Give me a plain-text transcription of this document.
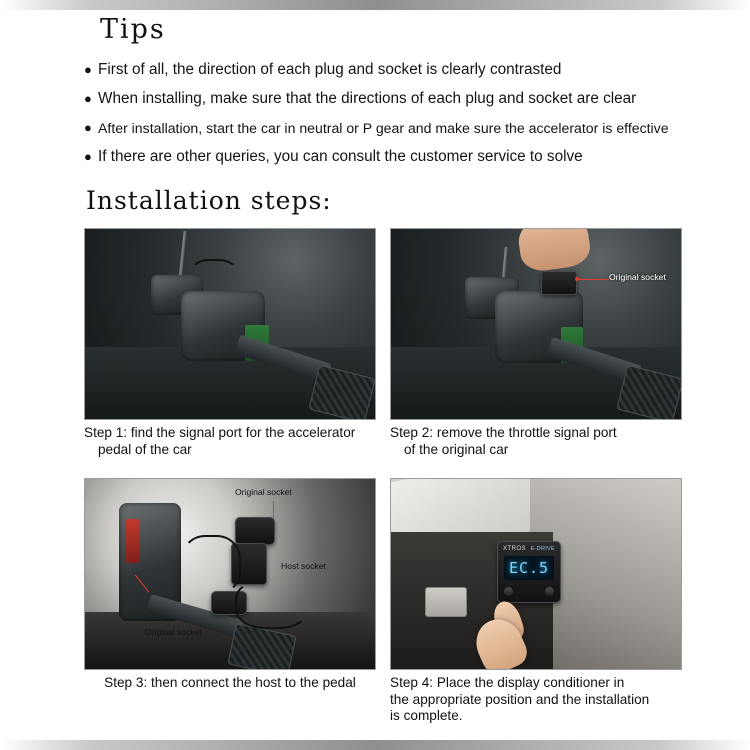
Tips
● First of all, the direction of each plug and socket is clearly contrasted
● When installing, make sure that the directions of each plug and socket are clear
● After installation, start the car in neutral or P gear and make sure the accelerator is effective
● If there are other queries, you can consult the customer service to solve
Installation steps:
Step 1: find the signal port for the accelerator
pedal of the car
Original socket
Step 2: remove the throttle signal port
of the original car
Original socket
Host socket
Original socket
Step 3: then connect the host to the pedal
XTROS E-DRIVE
EC.5
Step 4: Place the display conditioner in
the appropriate position and the installation
is complete.
